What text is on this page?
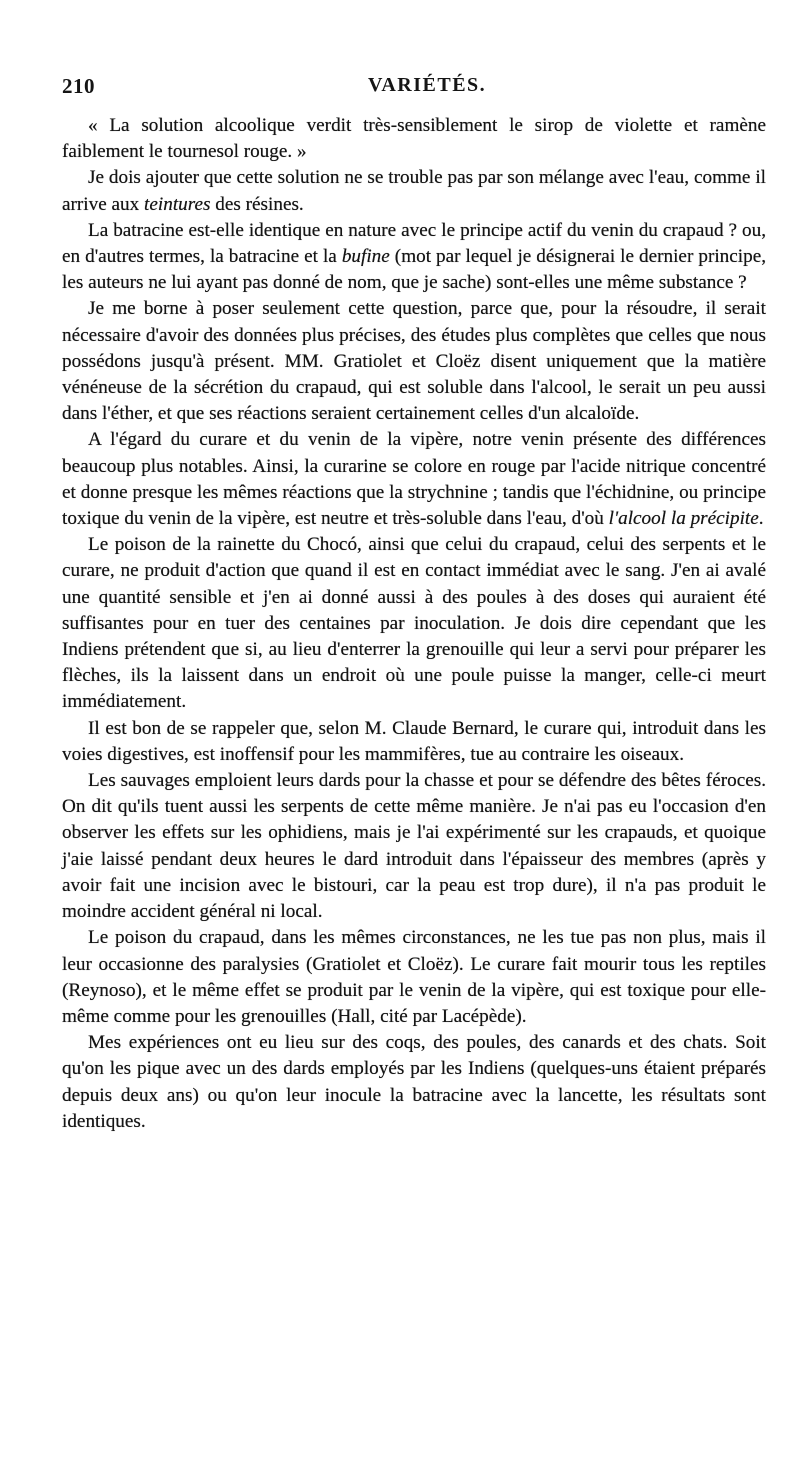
210	VARIÉTÉS.

« La solution alcoolique verdit très-sensiblement le sirop de violette et ramène faiblement le tournesol rouge. »

Je dois ajouter que cette solution ne se trouble pas par son mélange avec l'eau, comme il arrive aux teintures des résines.

La batracine est-elle identique en nature avec le principe actif du venin du crapaud ? ou, en d'autres termes, la batracine et la bufine (mot par lequel je désignerai le dernier principe, les auteurs ne lui ayant pas donné de nom, que je sache) sont-elles une même substance ?

Je me borne à poser seulement cette question, parce que, pour la résoudre, il serait nécessaire d'avoir des données plus précises, des études plus complètes que celles que nous possédons jusqu'à présent. MM. Gratiolet et Cloëz disent uniquement que la matière vénéneuse de la sécrétion du crapaud, qui est soluble dans l'alcool, le serait un peu aussi dans l'éther, et que ses réactions seraient certainement celles d'un alcaloïde.

A l'égard du curare et du venin de la vipère, notre venin présente des différences beaucoup plus notables. Ainsi, la curarine se colore en rouge par l'acide nitrique concentré et donne presque les mêmes réactions que la strychnine ; tandis que l'échidnine, ou principe toxique du venin de la vipère, est neutre et très-soluble dans l'eau, d'où l'alcool la précipite.

Le poison de la rainette du Chocó, ainsi que celui du crapaud, celui des serpents et le curare, ne produit d'action que quand il est en contact immédiat avec le sang. J'en ai avalé une quantité sensible et j'en ai donné aussi à des poules à des doses qui auraient été suffisantes pour en tuer des centaines par inoculation. Je dois dire cependant que les Indiens prétendent que si, au lieu d'enterrer la grenouille qui leur a servi pour préparer les flèches, ils la laissent dans un endroit où une poule puisse la manger, celle-ci meurt immédiatement.

Il est bon de se rappeler que, selon M. Claude Bernard, le curare qui, introduit dans les voies digestives, est inoffensif pour les mammifères, tue au contraire les oiseaux.

Les sauvages emploient leurs dards pour la chasse et pour se défendre des bêtes féroces. On dit qu'ils tuent aussi les serpents de cette même manière. Je n'ai pas eu l'occasion d'en observer les effets sur les ophidiens, mais je l'ai expérimenté sur les crapauds, et quoique j'aie laissé pendant deux heures le dard introduit dans l'épaisseur des membres (après y avoir fait une incision avec le bistouri, car la peau est trop dure), il n'a pas produit le moindre accident général ni local.

Le poison du crapaud, dans les mêmes circonstances, ne les tue pas non plus, mais il leur occasionne des paralysies (Gratiolet et Cloëz). Le curare fait mourir tous les reptiles (Reynoso), et le même effet se produit par le venin de la vipère, qui est toxique pour elle-même comme pour les grenouilles (Hall, cité par Lacépède).

Mes expériences ont eu lieu sur des coqs, des poules, des canards et des chats. Soit qu'on les pique avec un des dards employés par les Indiens (quelques-uns étaient préparés depuis deux ans) ou qu'on leur inocule la batracine avec la lancette, les résultats sont identiques.
